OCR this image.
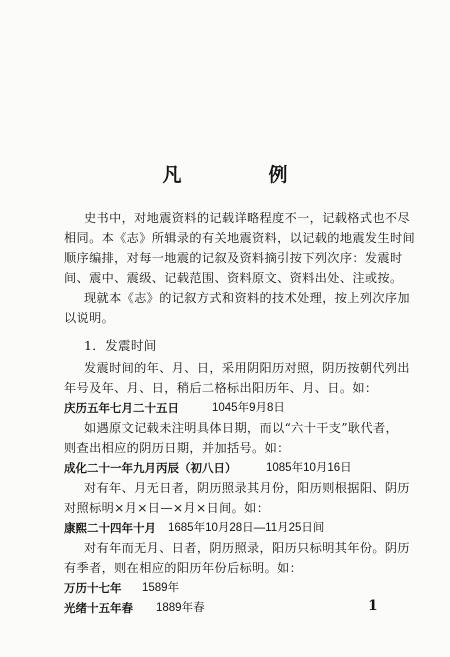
凡　例
史书中，对地震资料的记载详略程度不一，记载格式也不尽
相同。本《志》所辑录的有关地震资料，以记载的地震发生时间
顺序编排，对每一地震的记叙及资料摘引按下列次序：发震时
间、震中、震级、记载范围、资料原文、资料出处、注或按。
现就本《志》的记叙方式和资料的技术处理，按上列次序加
以说明。
1．发震时间
发震时间的年、月、日，采用阴阳历对照，阴历按朝代列出
年号及年、月、日，稍后二格标出阳历年、月、日。如：
庆历五年七月二十五日	1045年9月8日
如遇原文记载未注明具体日期，而以“六十干支”耿代者，
则查出相应的阴历日期，并加括号。如：
成化二十一年九月丙辰（初八日）	1085年10月16日
对有年、月无日者，阴历照录其月份，阳历则根据阳、阴历
对照标明×月×日—×月×日间。如：
康熙二十四年十月 1685年10月28日—11月25日间
对有年而无月、日者，阴历照录，阳历只标明其年份。阴历
有季者，则在相应的阳历年份后标明。如：
万历十七年 1589年
光绪十五年春 1889年春	1
